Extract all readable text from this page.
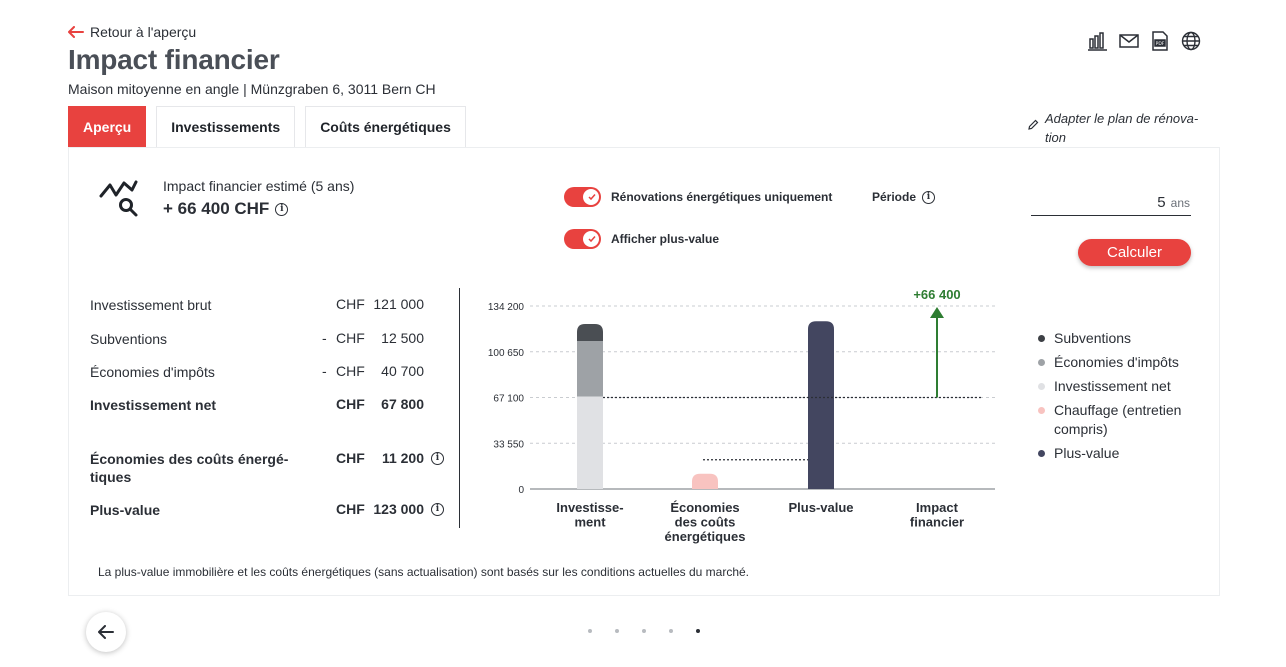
Retour à l'aperçu
Impact financier
Maison mitoyenne en angle | Münzgraben 6, 3011 Bern CH
PDF
Aperçu	Investissements	Coûts énergétiques
Adapter le plan de rénova-tion
Impact financier estimé (5 ans)
+ 66 400 CHF	i
Rénovations énergétiques uniquement
Afficher plus-value
Période	i	5 ans
Calculer
Investissement brut	CHF 121 000
Subventions	- CHF 12 500
Économies d'impôts	- CHF 40 700
Investissement net	CHF 67 800
Économies des coûts énergé-tiques
CHF 11 200	i
Plus-value	CHF 123 000	i
0
33 550
67 100
100 650
134 200
+66 400
Investisse-
ment
Économies
des coûts
énergétiques
Plus-value	Impact
financier
Subventions
Économies d'impôts
Investissement net
Chauffage (entretien compris)
Plus-value
La plus-value immobilière et les coûts énergétiques (sans actualisation) sont basés sur les conditions actuelles du marché.
